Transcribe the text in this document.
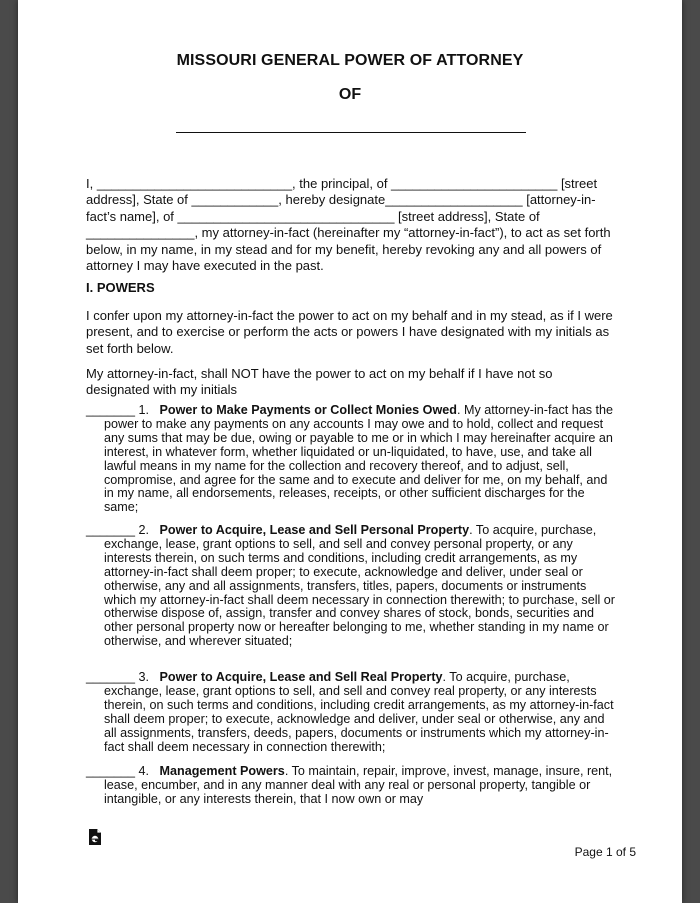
MISSOURI GENERAL POWER OF ATTORNEY
OF
I, ___________________________, the principal, of _______________________ [street address], State of ____________, hereby designate___________________ [attorney-in-fact’s name], of ______________________________ [street address], State of _______________, my attorney-in-fact (hereinafter my “attorney-in-fact”), to act as set forth below, in my name, in my stead and for my benefit, hereby revoking any and all powers of attorney I may have executed in the past.
I. POWERS
I confer upon my attorney-in-fact the power to act on my behalf and in my stead, as if I were present, and to exercise or perform the acts or powers I have designated with my initials as set forth below.
My attorney-in-fact, shall NOT have the power to act on my behalf if I have not so designated with my initials
_______ 1. Power to Make Payments or Collect Monies Owed. My attorney-in-fact has the power to make any payments on any accounts I may owe and to hold, collect and request any sums that may be due, owing or payable to me or in which I may hereinafter acquire an interest, in whatever form, whether liquidated or un-liquidated, to have, use, and take all lawful means in my name for the collection and recovery thereof, and to adjust, sell, compromise, and agree for the same and to execute and deliver for me, on my behalf, and in my name, all endorsements, releases, receipts, or other sufficient discharges for the same;
_______ 2. Power to Acquire, Lease and Sell Personal Property. To acquire, purchase, exchange, lease, grant options to sell, and sell and convey personal property, or any interests therein, on such terms and conditions, including credit arrangements, as my attorney-in-fact shall deem proper; to execute, acknowledge and deliver, under seal or otherwise, any and all assignments, transfers, titles, papers, documents or instruments which my attorney-in-fact shall deem necessary in connection therewith; to purchase, sell or otherwise dispose of, assign, transfer and convey shares of stock, bonds, securities and other personal property now or hereafter belonging to me, whether standing in my name or otherwise, and wherever situated;
_______ 3. Power to Acquire, Lease and Sell Real Property. To acquire, purchase, exchange, lease, grant options to sell, and sell and convey real property, or any interests therein, on such terms and conditions, including credit arrangements, as my attorney-in-fact shall deem proper; to execute, acknowledge and deliver, under seal or otherwise, any and all assignments, transfers, deeds, papers, documents or instruments which my attorney-in-fact shall deem necessary in connection therewith;
_______ 4. Management Powers. To maintain, repair, improve, invest, manage, insure, rent, lease, encumber, and in any manner deal with any real or personal property, tangible or intangible, or any interests therein, that I now own or may
Page 1 of 5
